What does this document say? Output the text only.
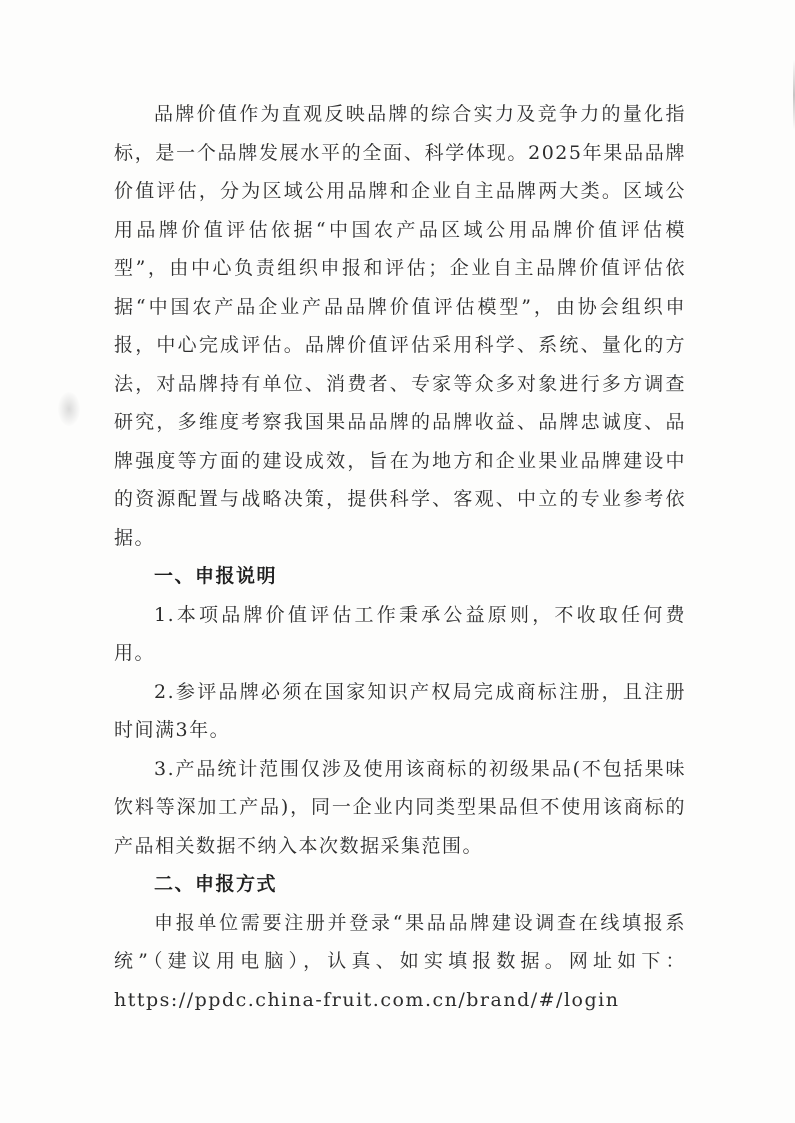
品牌价值作为直观反映品牌的综合实力及竞争力的量化指标，是一个品牌发展水平的全面、科学体现。2025年果品品牌价值评估，分为区域公用品牌和企业自主品牌两大类。区域公用品牌价值评估依据“中国农产品区域公用品牌价值评估模型”，由中心负责组织申报和评估；企业自主品牌价值评估依据“中国农产品企业产品品牌价值评估模型”，由协会组织申报，中心完成评估。品牌价值评估采用科学、系统、量化的方法，对品牌持有单位、消费者、专家等众多对象进行多方调查研究，多维度考察我国果品品牌的品牌收益、品牌忠诚度、品牌强度等方面的建设成效，旨在为地方和企业果业品牌建设中的资源配置与战略决策，提供科学、客观、中立的专业参考依据。

一、申报说明

1.本项品牌价值评估工作秉承公益原则，不收取任何费用。

2.参评品牌必须在国家知识产权局完成商标注册，且注册时间满3年。

3.产品统计范围仅涉及使用该商标的初级果品(不包括果味饮料等深加工产品)，同一企业内同类型果品但不使用该商标的产品相关数据不纳入本次数据采集范围。

二、申报方式

申报单位需要注册并登录“果品品牌建设调查在线填报系统”（建议用电脑），认真、如实填报数据。网址如下：https://ppdc.china-fruit.com.cn/brand/#/login
